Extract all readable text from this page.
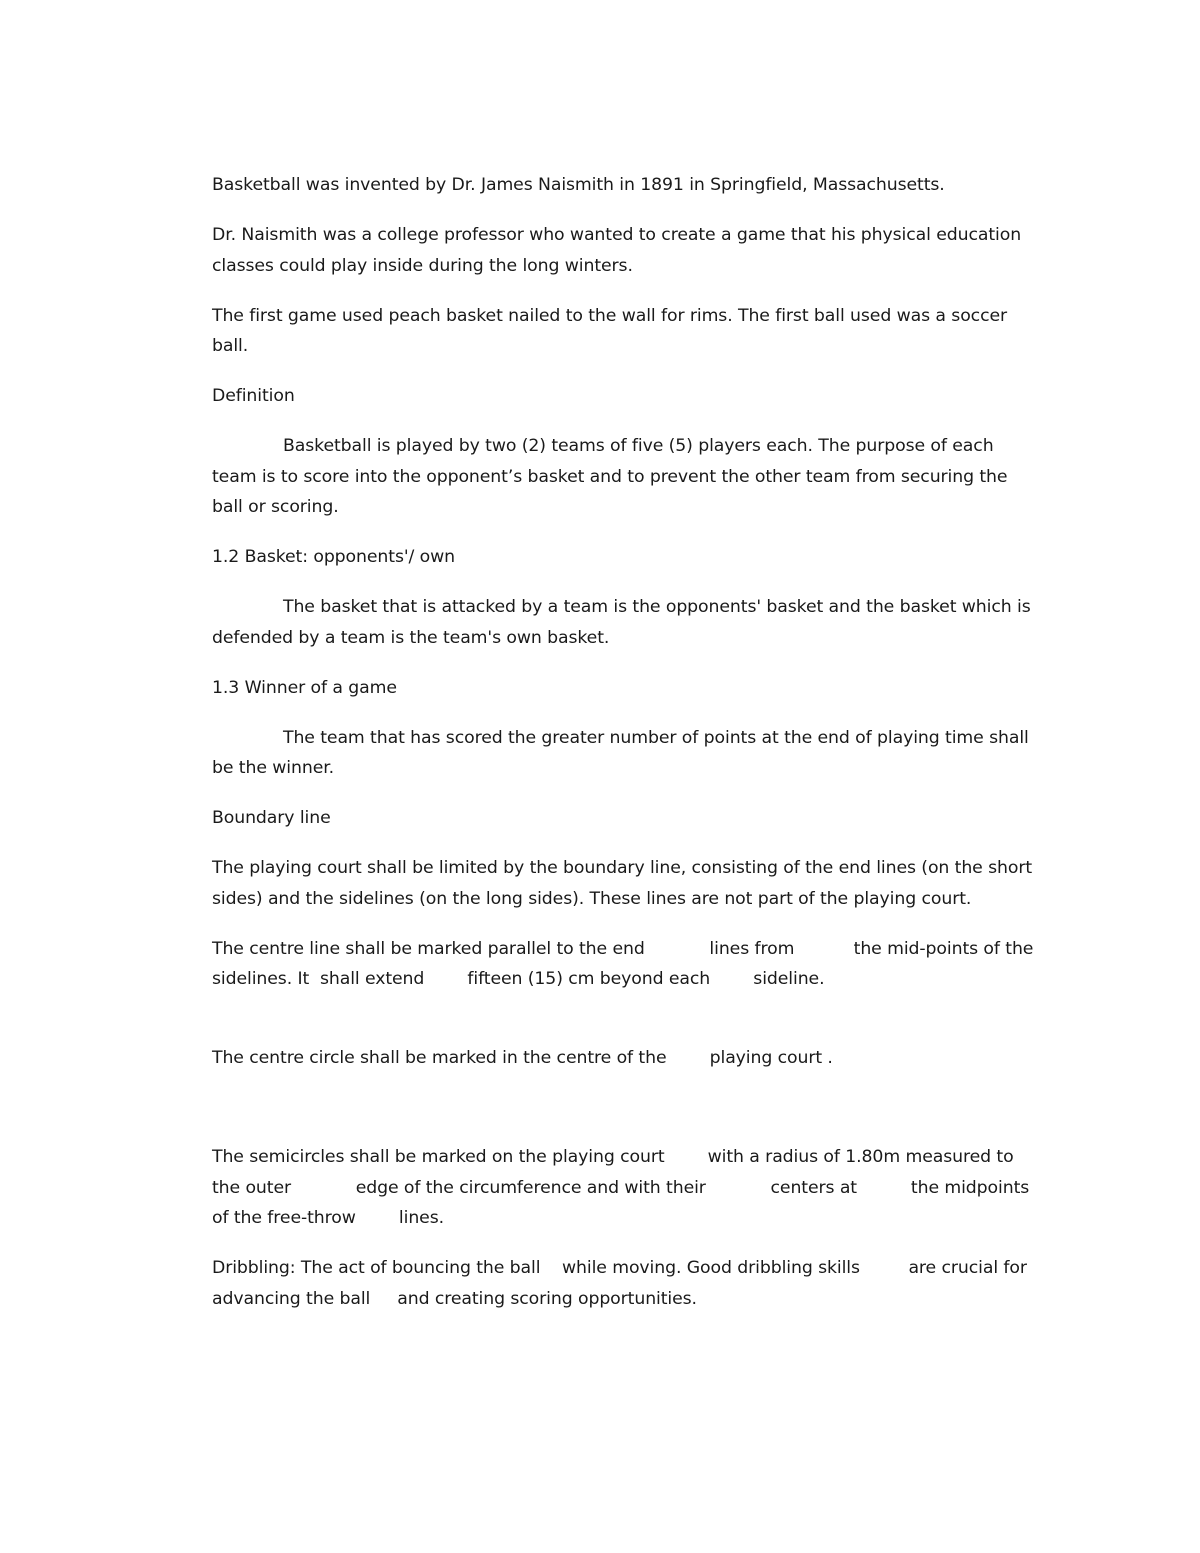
Basketball was invented by Dr. James Naismith in 1891 in Springfield, Massachusetts.

Dr. Naismith was a college professor who wanted to create a game that his physical education classes could play inside during the long winters.

The first game used peach basket nailed to the wall for rims. The first ball used was a soccer ball.

Definition

Basketball is played by two (2) teams of five (5) players each. The purpose of each team is to score into the opponent’s basket and to prevent the other team from securing the ball or scoring.

1.2 Basket: opponents'/ own

The basket that is attacked by a team is the opponents' basket and the basket which is defended by a team is the team's own basket.

1.3 Winner of a game

The team that has scored the greater number of points at the end of playing time shall be the winner.

Boundary line

The playing court shall be limited by the boundary line, consisting of the end lines (on the short sides) and the sidelines (on the long sides). These lines are not part of the playing court.

The centre line shall be marked parallel to the end            lines from           the mid-points of the sidelines. It  shall extend        fifteen (15) cm beyond each        sideline.

The centre circle shall be marked in the centre of the        playing court .

The semicircles shall be marked on the playing court        with a radius of 1.80m measured to the outer            edge of the circumference and with their            centers at          the midpoints of the free-throw        lines.

Dribbling: The act of bouncing the ball    while moving. Good dribbling skills         are crucial for advancing the ball     and creating scoring opportunities.
